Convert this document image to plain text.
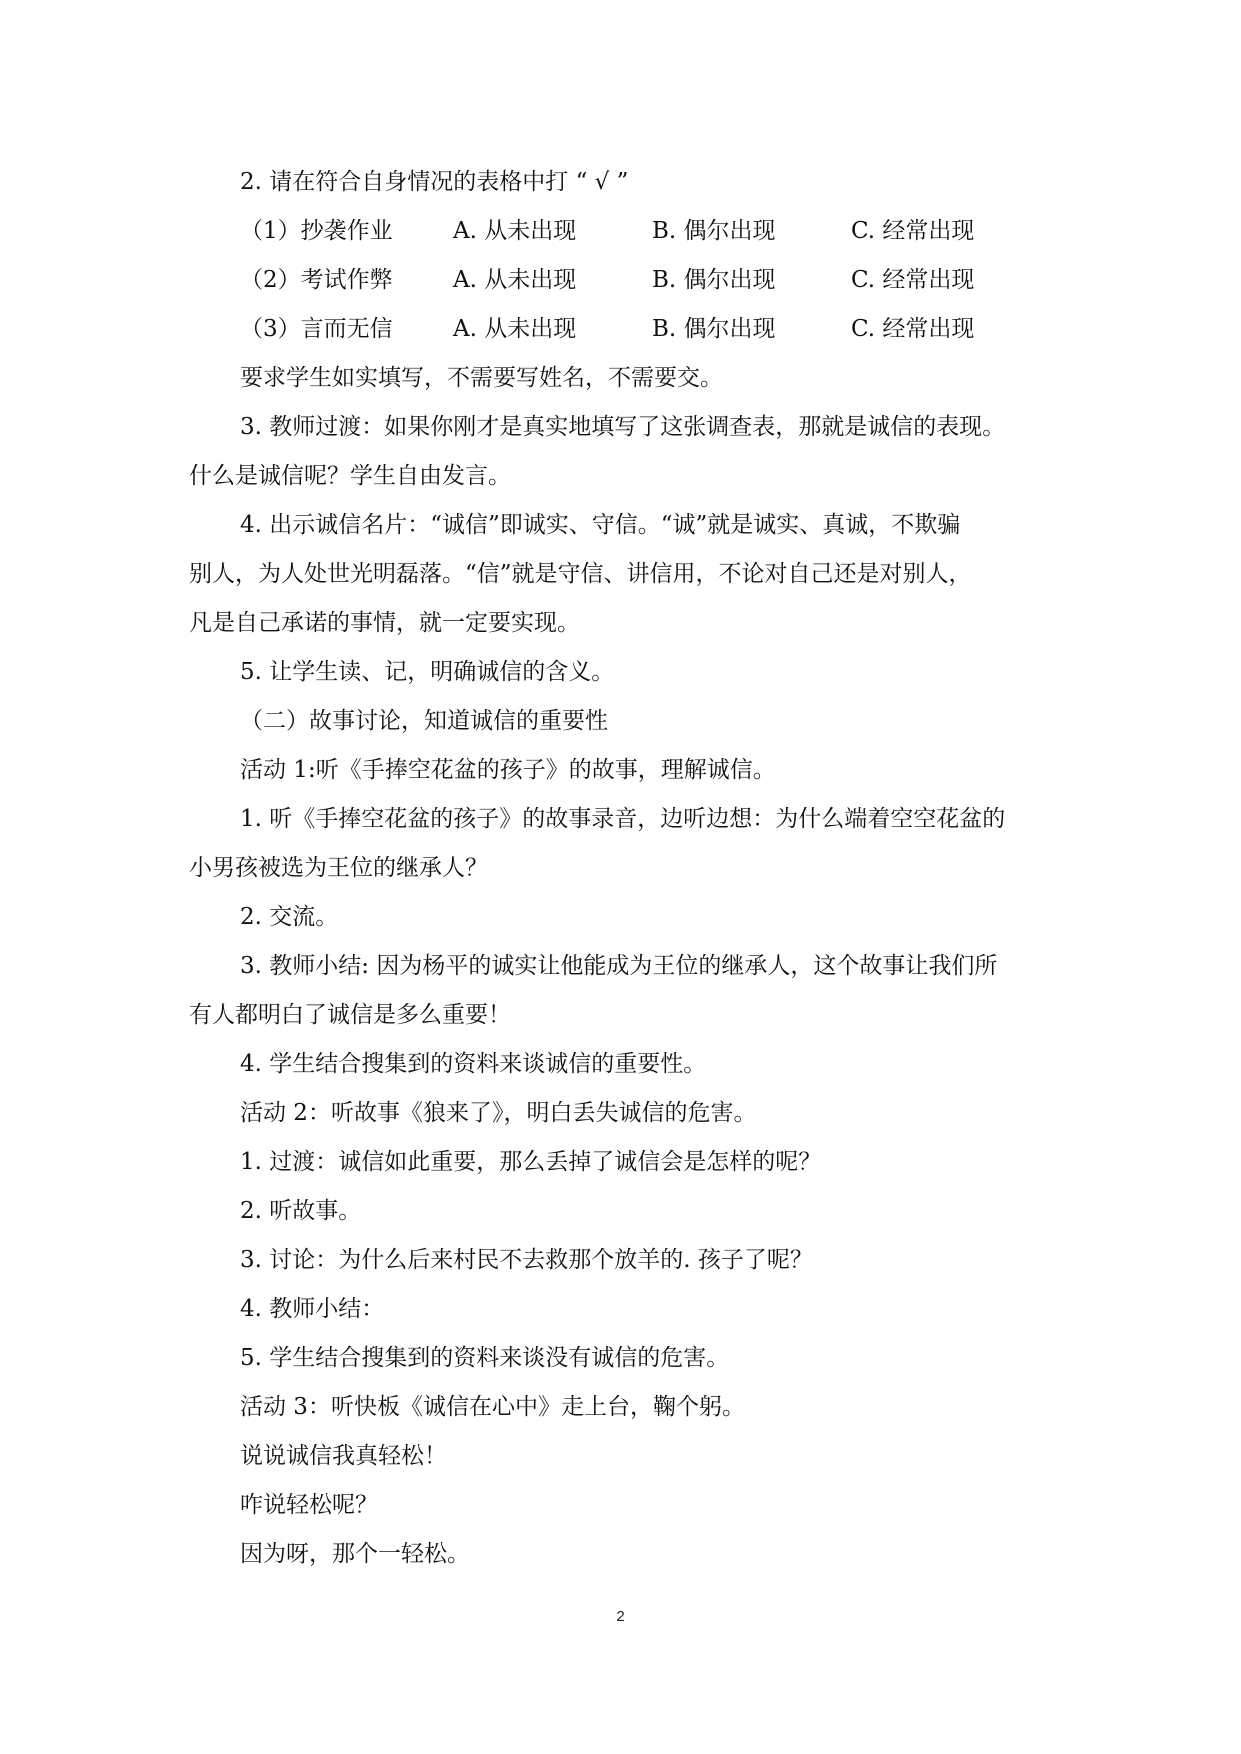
2. 请在符合自身情况的表格中打 “ √ ”
（1）抄袭作业	A. 从未出现	B. 偶尔出现	C. 经常出现
（2）考试作弊	A. 从未出现	B. 偶尔出现	C. 经常出现
（3）言而无信	A. 从未出现	B. 偶尔出现	C. 经常出现
要求学生如实填写，不需要写姓名，不需要交。
3. 教师过渡：如果你刚才是真实地填写了这张调查表，那就是诚信的表现。
什么是诚信呢？学生自由发言。
4. 出示诚信名片：“诚信”即诚实、守信。“诚”就是诚实、真诚，不欺骗
别人，为人处世光明磊落。“信”就是守信、讲信用，不论对自己还是对别人，
凡是自己承诺的事情，就一定要实现。
5. 让学生读、记，明确诚信的含义。
（二）故事讨论，知道诚信的重要性
活动 1:听《手捧空花盆的孩子》的故事，理解诚信。
1. 听《手捧空花盆的孩子》的故事录音，边听边想：为什么端着空空花盆的
小男孩被选为王位的继承人？
2. 交流。
3. 教师小结: 因为杨平的诚实让他能成为王位的继承人，这个故事让我们所
有人都明白了诚信是多么重要！
4. 学生结合搜集到的资料来谈诚信的重要性。
活动 2：听故事《狼来了》，明白丢失诚信的危害。
1. 过渡：诚信如此重要，那么丢掉了诚信会是怎样的呢？
2. 听故事。
3. 讨论：为什么后来村民不去救那个放羊的. 孩子了呢？
4. 教师小结：
5. 学生结合搜集到的资料来谈没有诚信的危害。
活动 3：听快板《诚信在心中》走上台，鞠个躬。
说说诚信我真轻松！
咋说轻松呢？
因为呀，那个一轻松。
2
